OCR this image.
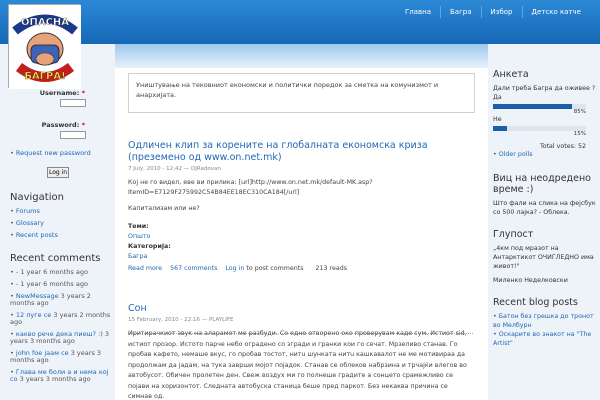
Главна	Багра	Избор	Детско катче
ОПАСНА
БАГРА!
Username: *
Password: *
• Request new password
Log in
Navigation
• Forums
• Glossary
• Recent posts
Recent comments
• - 1 year 6 months ago
• - 1 year 6 months ago
• NewMessage 3 years 2 months ago
• 12 луге се 3 years 2 months ago
• какво рече дека пиеш? :) 3 years 3 months ago
• john foe јаам се 3 years 3 months ago
• Глава ме боли а и нема кој со 3 years 3 months ago
Уништување на тековниот економски и политички поредок за сметка на комунизмот и анархијата.
Одличен клип за корените на глобалната економска криза (преземено од www.on.net.mk)
7 July, 2010 - 12:42 — DJRadovan
Кој не го видел, еве ви прилика: [url]http://www.on.net.mk/default-MK.asp?ItemID=E7129F275992C54B84EE18EC310CA184[/url]
Капитализам или не?
Теми:
Општо
Категорија:
Багра
Read more 567 comments Log in to post comments 213 reads
Сон
15 February, 2010 - 22:16 — PLAYLIFE
Иритирачкиот звук на аларамот ме разбуди. Со едно отворено око проверувам каде сум. Истиот sid, истиот прозор. Истото парче небо оградено со згради и гранки кои го сечат. Мрзеливо станав. Го пробав кафето, немаше вкус, го пробав тостот, нитu шунката нитu кашкавалот не ме мотивираа да продолжам да јадам, на тука заврши мојот појадок. Станав се облеков набрзина и трчајќи влегов во автобусот. Обичен пролетен ден. Свеж воздух ми го полнеше градите а сонцето срамежливо се појави на хоризонтот. Следната автобуска станица беше пред паркот. Без некаква причина се симнав од.
Анкета
Дали треба Багра да оживее ?
Да
85%
Не
15%
Total votes: 52
• Older polls
Виц на неодредено време :)
Што фали на слика на фејсбук со 500 лајка? - Облека.
Глупост
„4км под мразот на Антарктикот ОЧИГЛЕДНО има живот!"
Миленко Неделковски
Recent blog posts
• Батон без грешка до тронот во Мелбурн
• Оскарите во знакот на "The Artist"
